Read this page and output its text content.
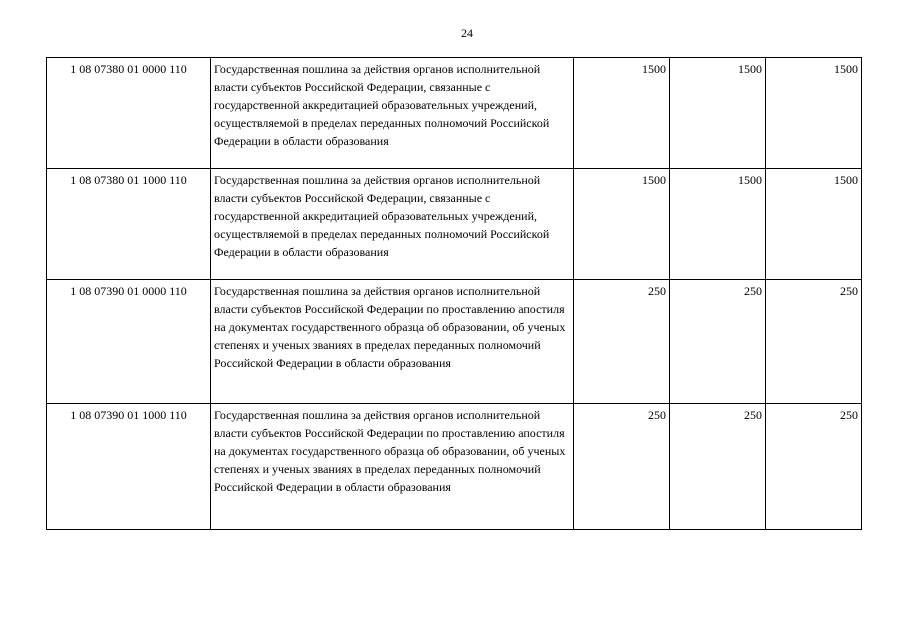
24
1 08 07380 01 0000 110	Государственная пошлина за действия органов исполнительной власти субъектов Российской Федерации, связанные с государственной аккредитацией образовательных учреждений, осуществляемой в пределах переданных полномочий Российской Федерации в области образования	1500	1500	1500
1 08 07380 01 1000 110	Государственная пошлина за действия органов исполнительной власти субъектов Российской Федерации, связанные с государственной аккредитацией образовательных учреждений, осуществляемой в пределах переданных полномочий Российской Федерации в области образования	1500	1500	1500
1 08 07390 01 0000 110	Государственная пошлина за действия органов исполнительной власти субъектов Российской Федерации по проставлению апостиля на документах государственного образца об образовании, об ученых степенях и ученых званиях в пределах переданных полномочий Российской Федерации в области образования	250	250	250
1 08 07390 01 1000 110	Государственная пошлина за действия органов исполнительной власти субъектов Российской Федерации по проставлению апостиля на документах государственного образца об образовании, об ученых степенях и ученых званиях в пределах переданных полномочий Российской Федерации в области образования	250	250	250
